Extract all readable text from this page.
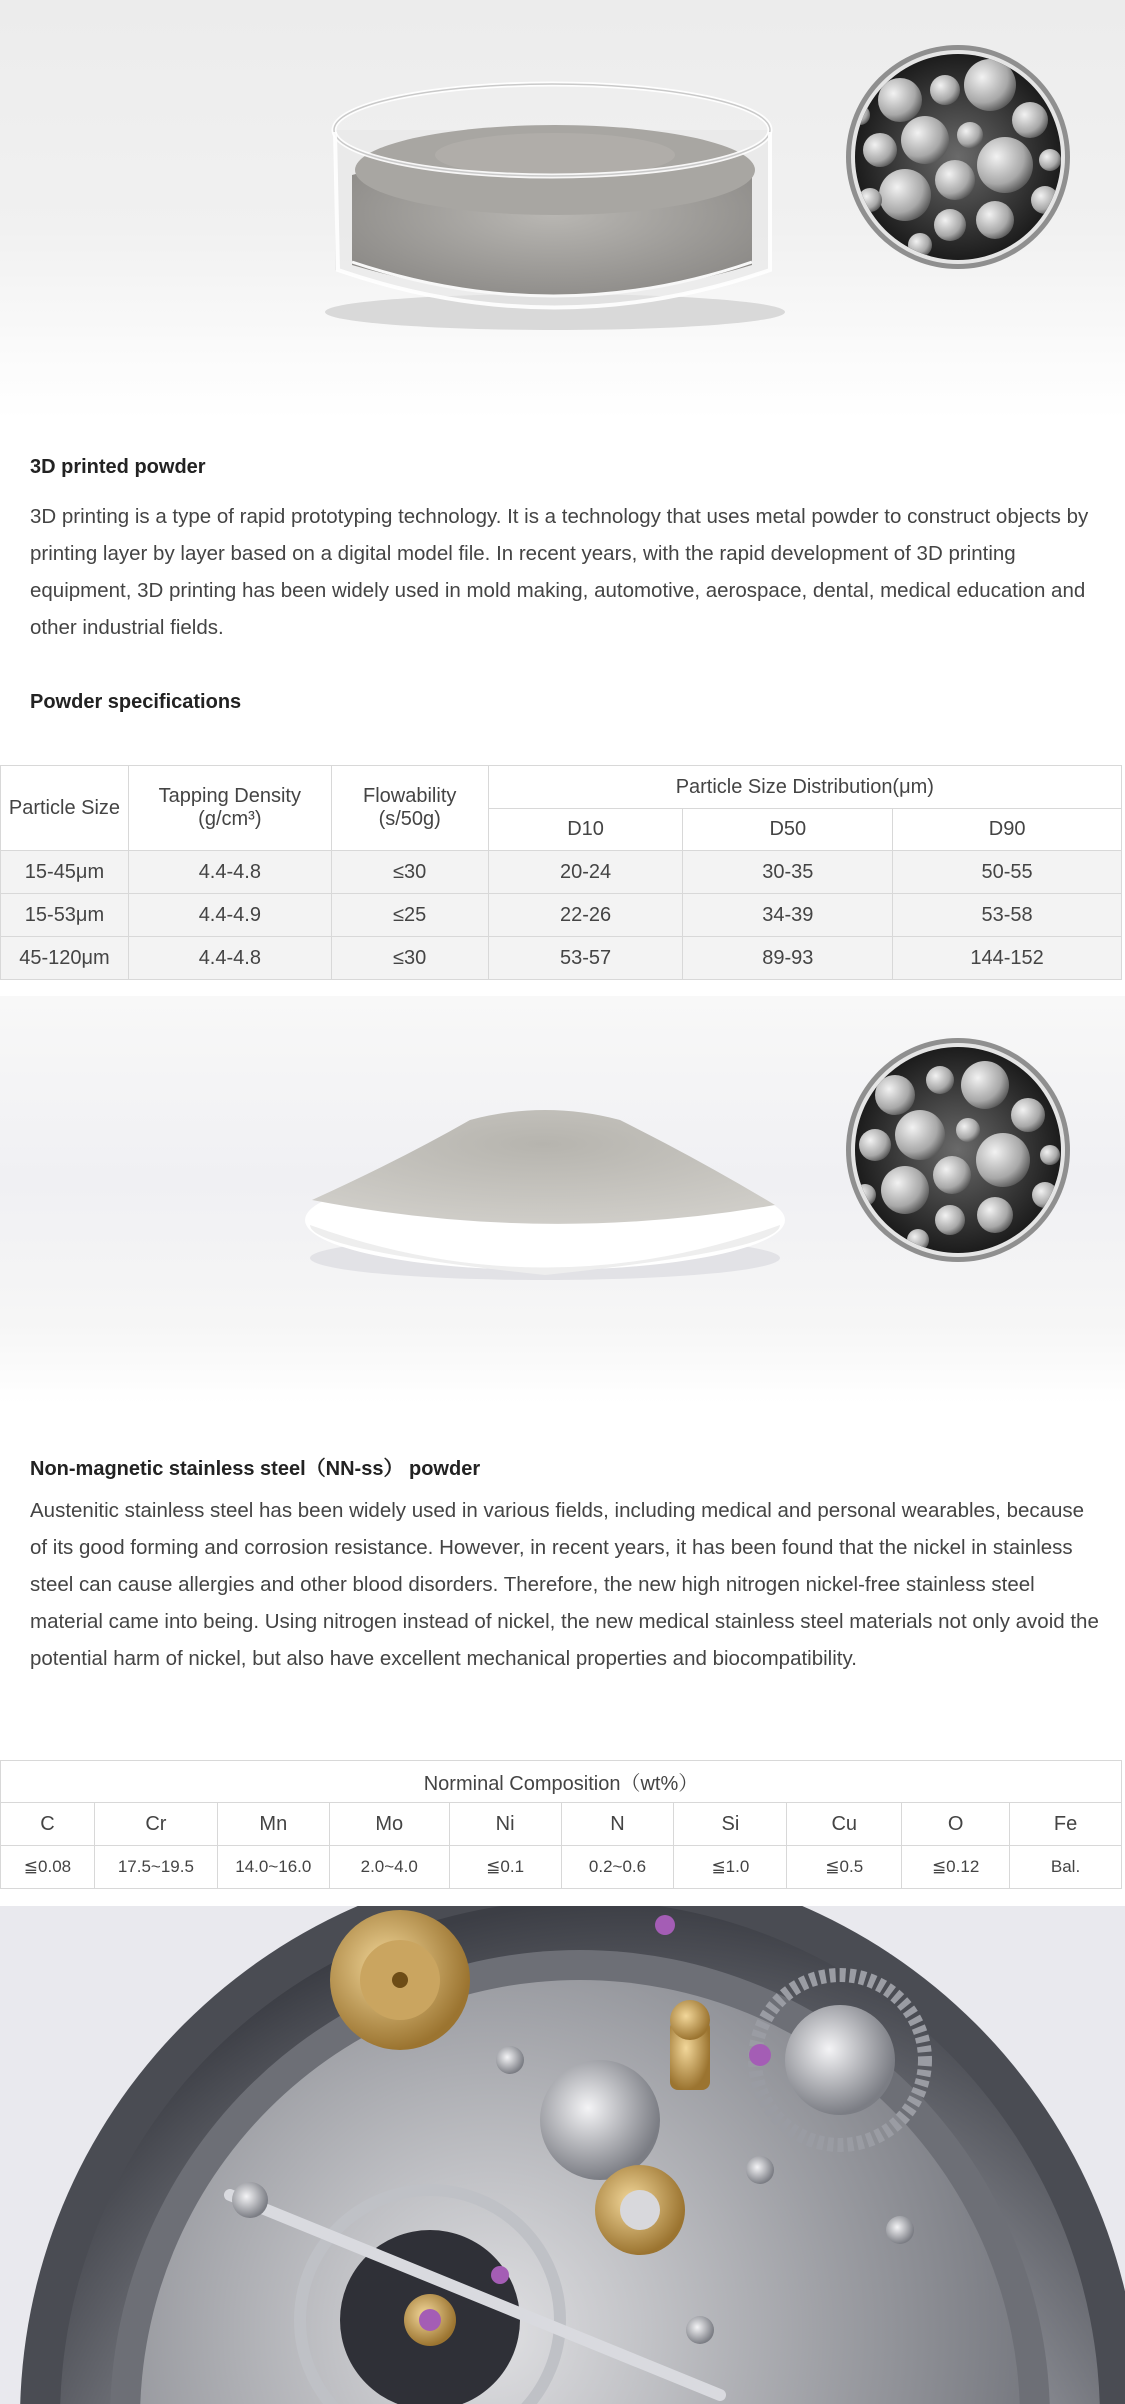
3D printed powder

3D printing is a type of rapid prototyping technology. It is a technology that uses metal powder to construct objects by printing layer by layer based on a digital model file. In recent years, with the rapid development of 3D printing equipment, 3D printing has been widely used in mold making, automotive, aerospace, dental, medical education and other industrial fields.

Powder specifications
Particle Size	Tapping Density (g/cm³)	Flowability (s/50g)	Particle Size Distribution(μm)		
			D10	D50	D90
15-45μm	4.4-4.8	≤30	20-24	30-35	50-55
15-53μm	4.4-4.9	≤25	22-26	34-39	53-58
45-120μm	4.4-4.8	≤30	53-57	89-93	144-152
Non-magnetic stainless steel（NN-ss） powder

Austenitic stainless steel has been widely used in various fields, including medical and personal wearables, because of its good forming and corrosion resistance. However, in recent years, it has been found that the nickel in stainless steel can cause allergies and other blood disorders. Therefore, the new high nitrogen nickel-free stainless steel material came into being. Using nitrogen instead of nickel, the new medical stainless steel materials not only avoid the potential harm of nickel, but also have excellent mechanical properties and biocompatibility.

Norminal Composition（wt%）									
C	Cr	Mn	Mo	Ni	N	Si	Cu	O	Fe
≦0.08	17.5~19.5	14.0~16.0	2.0~4.0	≦0.1	0.2~0.6	≦1.0	≦0.5	≦0.12	Bal.
